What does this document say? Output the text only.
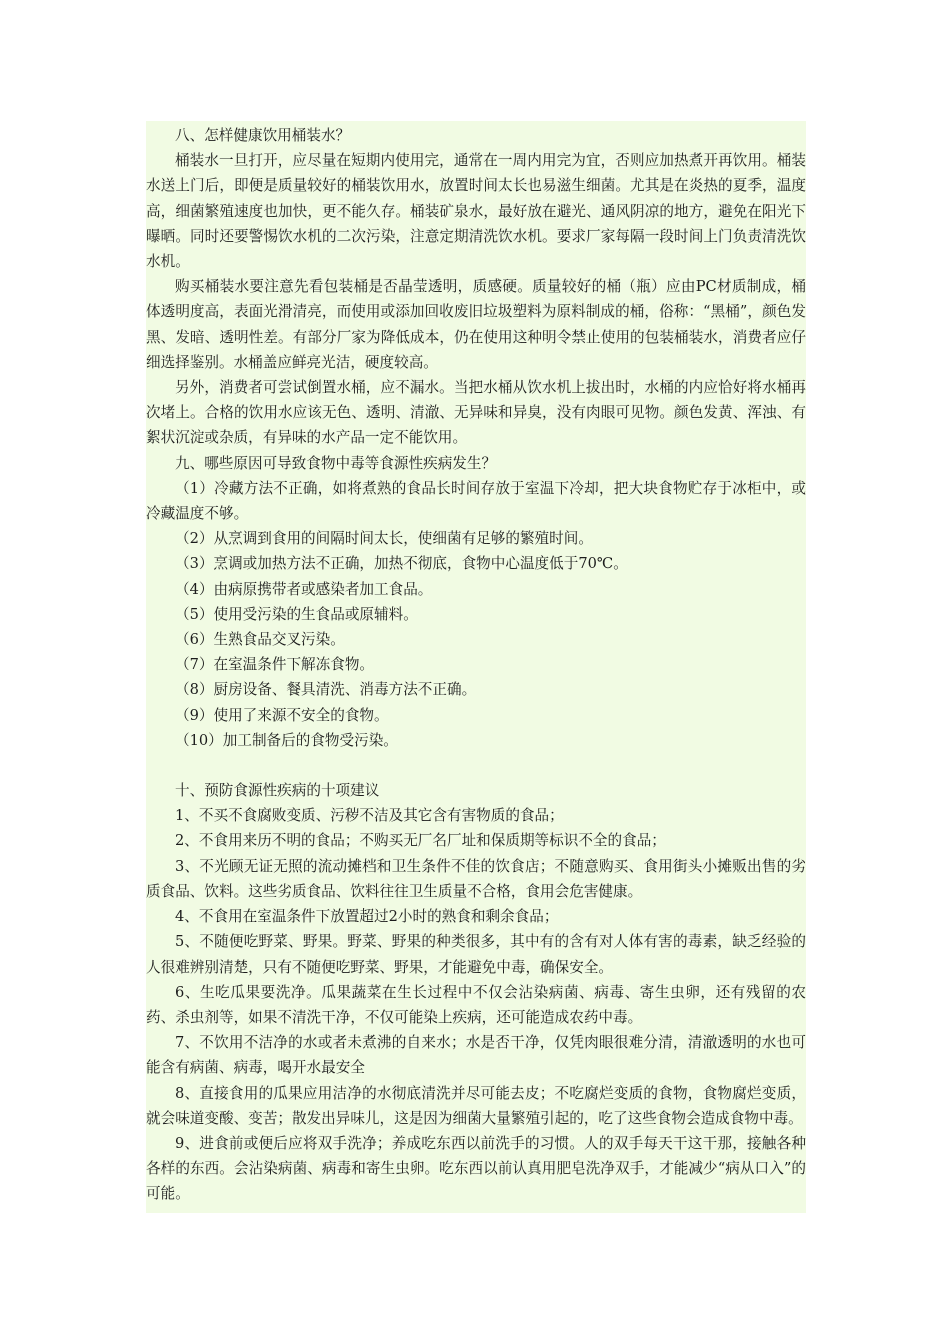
八、怎样健康饮用桶装水？

桶装水一旦打开，应尽量在短期内使用完，通常在一周内用完为宜，否则应加热煮开再饮用。桶装水送上门后，即便是质量较好的桶装饮用水，放置时间太长也易滋生细菌。尤其是在炎热的夏季，温度高，细菌繁殖速度也加快，更不能久存。桶装矿泉水，最好放在避光、通风阴凉的地方，避免在阳光下曝晒。同时还要警惕饮水机的二次污染，注意定期清洗饮水机。要求厂家每隔一段时间上门负责清洗饮水机。

购买桶装水要注意先看包装桶是否晶莹透明，质感硬。质量较好的桶（瓶）应由PC材质制成，桶体透明度高，表面光滑清亮，而使用或添加回收废旧垃圾塑料为原料制成的桶，俗称：“黑桶”，颜色发黑、发暗、透明性差。有部分厂家为降低成本，仍在使用这种明令禁止使用的包装桶装水，消费者应仔细选择鉴别。水桶盖应鲜亮光洁，硬度较高。

另外，消费者可尝试倒置水桶，应不漏水。当把水桶从饮水机上拔出时，水桶的内应恰好将水桶再次堵上。合格的饮用水应该无色、透明、清澈、无异味和异臭，没有肉眼可见物。颜色发黄、浑浊、有絮状沉淀或杂质，有异味的水产品一定不能饮用。

九、哪些原因可导致食物中毒等食源性疾病发生？

（1）冷藏方法不正确，如将煮熟的食品长时间存放于室温下冷却，把大块食物贮存于冰柜中，或冷藏温度不够。

（2）从烹调到食用的间隔时间太长，使细菌有足够的繁殖时间。

（3）烹调或加热方法不正确，加热不彻底，食物中心温度低于70℃。

（4）由病原携带者或感染者加工食品。

（5）使用受污染的生食品或原辅料。

（6）生熟食品交叉污染。

（7）在室温条件下解冻食物。

（8）厨房设备、餐具清洗、消毒方法不正确。

（9）使用了来源不安全的食物。

（10）加工制备后的食物受污染。

十、预防食源性疾病的十项建议

1、不买不食腐败变质、污秽不洁及其它含有害物质的食品；

2、不食用来历不明的食品；不购买无厂名厂址和保质期等标识不全的食品；

3、不光顾无证无照的流动摊档和卫生条件不佳的饮食店；不随意购买、食用街头小摊贩出售的劣质食品、饮料。这些劣质食品、饮料往往卫生质量不合格，食用会危害健康。

4、不食用在室温条件下放置超过2小时的熟食和剩余食品；

5、不随便吃野菜、野果。野菜、野果的种类很多，其中有的含有对人体有害的毒素，缺乏经验的人很难辨别清楚，只有不随便吃野菜、野果，才能避免中毒，确保安全。

6、生吃瓜果要洗净。瓜果蔬菜在生长过程中不仅会沾染病菌、病毒、寄生虫卵，还有残留的农药、杀虫剂等，如果不清洗干净，不仅可能染上疾病，还可能造成农药中毒。

7、不饮用不洁净的水或者未煮沸的自来水；水是否干净，仅凭肉眼很难分清，清澈透明的水也可能含有病菌、病毒，喝开水最安全

8、直接食用的瓜果应用洁净的水彻底清洗并尽可能去皮；不吃腐烂变质的食物，食物腐烂变质，就会味道变酸、变苦；散发出异味儿，这是因为细菌大量繁殖引起的，吃了这些食物会造成食物中毒。

9、进食前或便后应将双手洗净；养成吃东西以前洗手的习惯。人的双手每天干这干那，接触各种各样的东西。会沾染病菌、病毒和寄生虫卵。吃东西以前认真用肥皂洗净双手，才能减少“病从口入”的可能。
